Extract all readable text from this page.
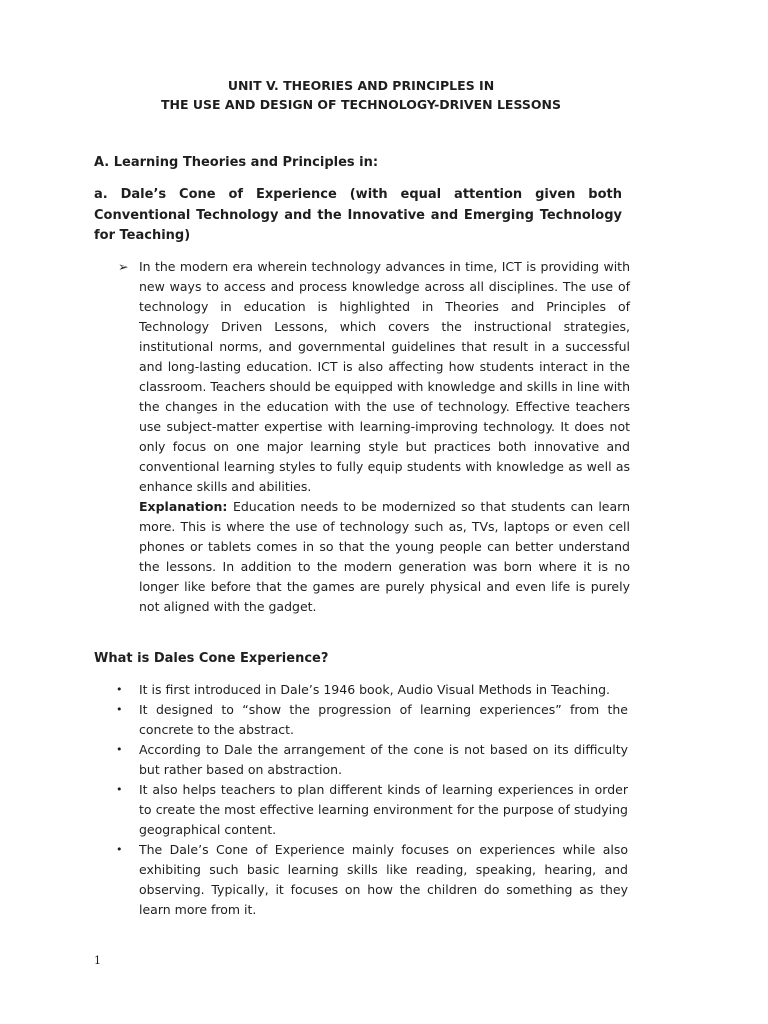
UNIT V. THEORIES AND PRINCIPLES IN
THE USE AND DESIGN OF TECHNOLOGY-DRIVEN LESSONS
A. Learning Theories and Principles in:
a. Dale’s Cone of Experience (with equal attention given both Conventional Technology and the Innovative and Emerging Technology for Teaching)
➢ In the modern era wherein technology advances in time, ICT is providing with new ways to access and process knowledge across all disciplines. The use of technology in education is highlighted in Theories and Principles of Technology Driven Lessons, which covers the instructional strategies, institutional norms, and governmental guidelines that result in a successful and long-lasting education. ICT is also affecting how students interact in the classroom. Teachers should be equipped with knowledge and skills in line with the changes in the education with the use of technology. Effective teachers use subject-matter expertise with learning-improving technology. It does not only focus on one major learning style but practices both innovative and conventional learning styles to fully equip students with knowledge as well as enhance skills and abilities.

Explanation: Education needs to be modernized so that students can learn more. This is where the use of technology such as, TVs, laptops or even cell phones or tablets comes in so that the young people can better understand the lessons. In addition to the modern generation was born where it is no longer like before that the games are purely physical and even life is purely not aligned with the gadget.

What is Dales Cone Experience?
• It is first introduced in Dale’s 1946 book, Audio Visual Methods in Teaching.
• It designed to “show the progression of learning experiences” from the concrete to the abstract.
• According to Dale the arrangement of the cone is not based on its difficulty but rather based on abstraction.
• It also helps teachers to plan different kinds of learning experiences in order to create the most effective learning environment for the purpose of studying geographical content.
• The Dale’s Cone of Experience mainly focuses on experiences while also exhibiting such basic learning skills like reading, speaking, hearing, and observing. Typically, it focuses on how the children do something as they learn more from it.

1
